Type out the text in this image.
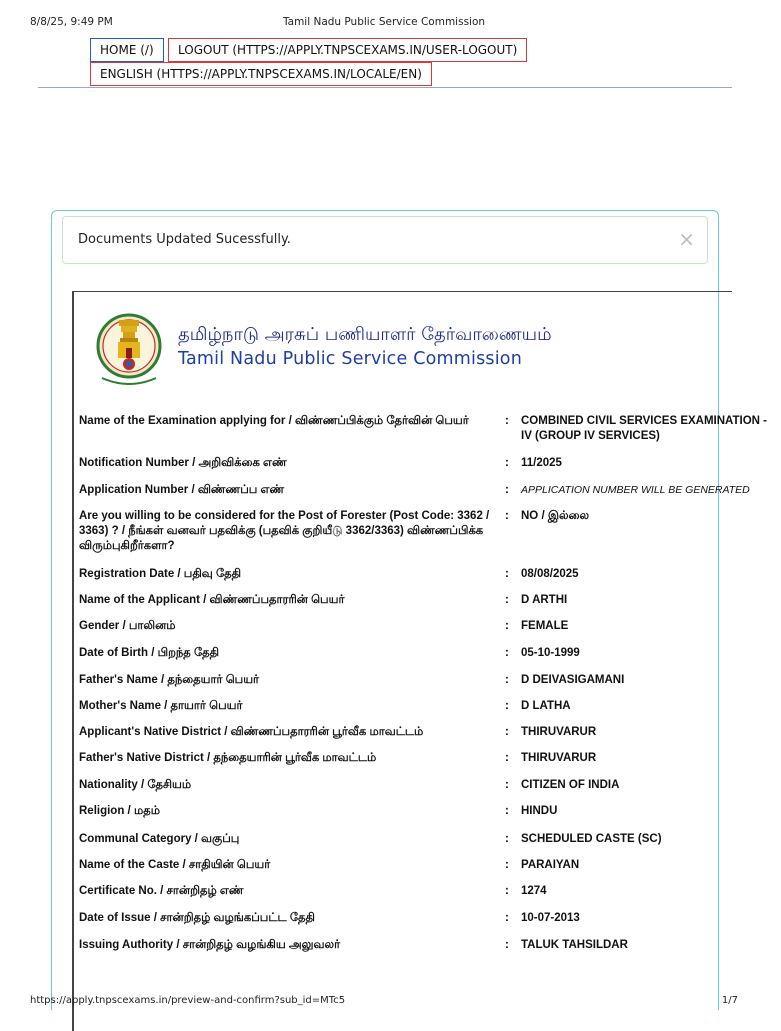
8/8/25, 9:49 PM	Tamil Nadu Public Service Commission
HOME (/)	LOGOUT (HTTPS://APPLY.TNPSCEXAMS.IN/USER-LOGOUT)
ENGLISH (HTTPS://APPLY.TNPSCEXAMS.IN/LOCALE/EN)
Documents Updated Sucessfully.	×
தமிழ்நாடு அரசுப் பணியாளர் தேர்வாணையம்
Tamil Nadu Public Service Commission
Name of the Examination applying for / விண்ணப்பிக்கும் தேர்வின் பெயர்	: COMBINED CIVIL SERVICES EXAMINATION - IV (GROUP IV SERVICES)
Notification Number / அறிவிக்கை எண்	: 11/2025
Application Number / விண்ணப்ப எண்	: APPLICATION NUMBER WILL BE GENERATED
Are you willing to be considered for the Post of Forester (Post Code: 3362 / 3363) ? / நீங்கள் வனவர் பதவிக்கு (பதவிக் குறியீடு 3362/3363) விண்ணப்பிக்க விரும்புகிறீர்களா?
: NO / இல்லை
Registration Date / பதிவு தேதி	: 08/08/2025
Name of the Applicant / விண்ணப்பதாரரின் பெயர்	: D ARTHI
Gender / பாலினம்	: FEMALE
Date of Birth / பிறந்த தேதி	: 05-10-1999
Father's Name / தந்தையார் பெயர்	: D DEIVASIGAMANI
Mother's Name / தாயார் பெயர்	: D LATHA
Applicant's Native District / விண்ணப்பதாரரின் பூர்வீக மாவட்டம்	: THIRUVARUR
Father's Native District / தந்தையாரின் பூர்வீக மாவட்டம்	: THIRUVARUR
Nationality / தேசியம்	: CITIZEN OF INDIA
Religion / மதம்	: HINDU
Communal Category / வகுப்பு	: SCHEDULED CASTE (SC)
Name of the Caste / சாதியின் பெயர்	: PARAIYAN
Certificate No. / சான்றிதழ் எண்	: 1274
Date of Issue / சான்றிதழ் வழங்கப்பட்ட தேதி	: 10-07-2013
Issuing Authority / சான்றிதழ் வழங்கிய அலுவலர்	: TALUK TAHSILDAR
https://apply.tnpscexams.in/preview-and-confirm?sub_id=MTc5	1/7
